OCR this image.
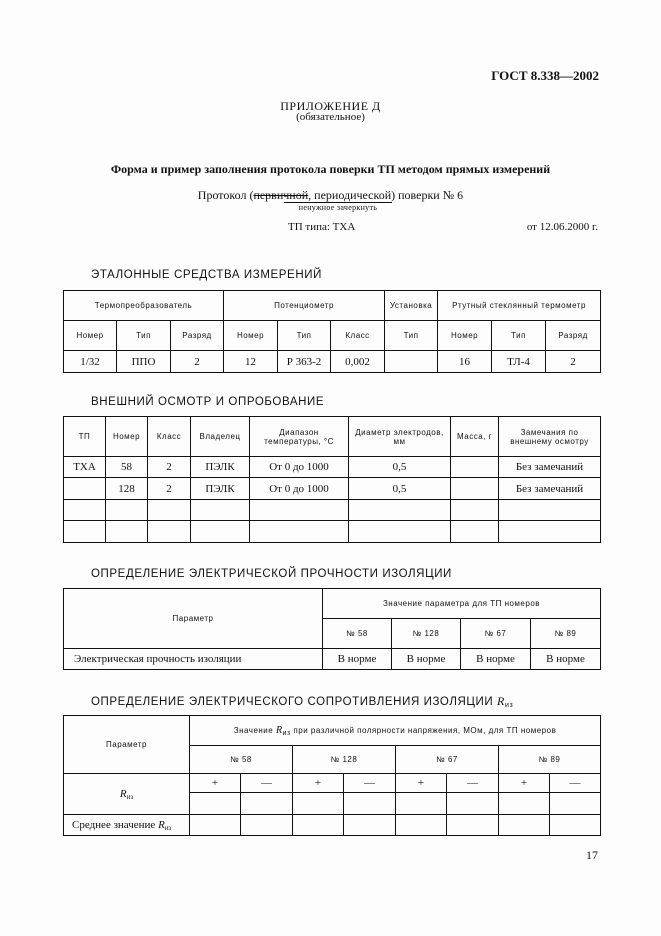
ГОСТ 8.338—2002
ПРИЛОЖЕНИЕ Д
(обязательное)
Форма и пример заполнения протокола поверки ТП методом прямых измерений
Протокол (первичной, периодической) поверки № 6
ненужное зачеркнуть
ТП типа: ТХА	от 12.06.2000 г.
ЭТАЛОННЫЕ СРЕДСТВА ИЗМЕРЕНИЙ
Термопреобразователь			Потенциометр			Установка	Ртутный стеклянный термометр		
Номер	Тип	Разряд	Номер	Тип	Класс	Тип	Номер	Тип	Разряд
1/32	ППО	2	12	Р 363-2	0,002		16	ТЛ-4	2
ВНЕШНИЙ ОСМОТР И ОПРОБОВАНИЕ
ТП	Номер	Класс	Владелец	Диапазон температуры, °С	Диаметр электродов, мм	Масса, г	Замечания по внешнему осмотру
ТХА	58	2	ПЭЛК	От 0 до 1000	0,5		Без замечаний
	128	2	ПЭЛК	От 0 до 1000	0,5		Без замечаний

ОПРЕДЕЛЕНИЕ ЭЛЕКТРИЧЕСКОЙ ПРОЧНОСТИ ИЗОЛЯЦИИ
Параметр	Значение параметра для ТП номеров			
	№ 58	№ 128	№ 67	№ 89
Электрическая прочность изоляции	В норме	В норме	В норме	В норме
ОПРЕДЕЛЕНИЕ ЭЛЕКТРИЧЕСКОГО СОПРОТИВЛЕНИЯ ИЗОЛЯЦИИ $R_{из}$
Параметр	Значение Rиз при различной полярности напряжения, МОм, для ТП номеров							
	№ 58		№ 128		№ 67		№ 89	
$R_{из}$	+	—	+	—	+	—	+	—

Среднее значение $R_{из}$								
17
